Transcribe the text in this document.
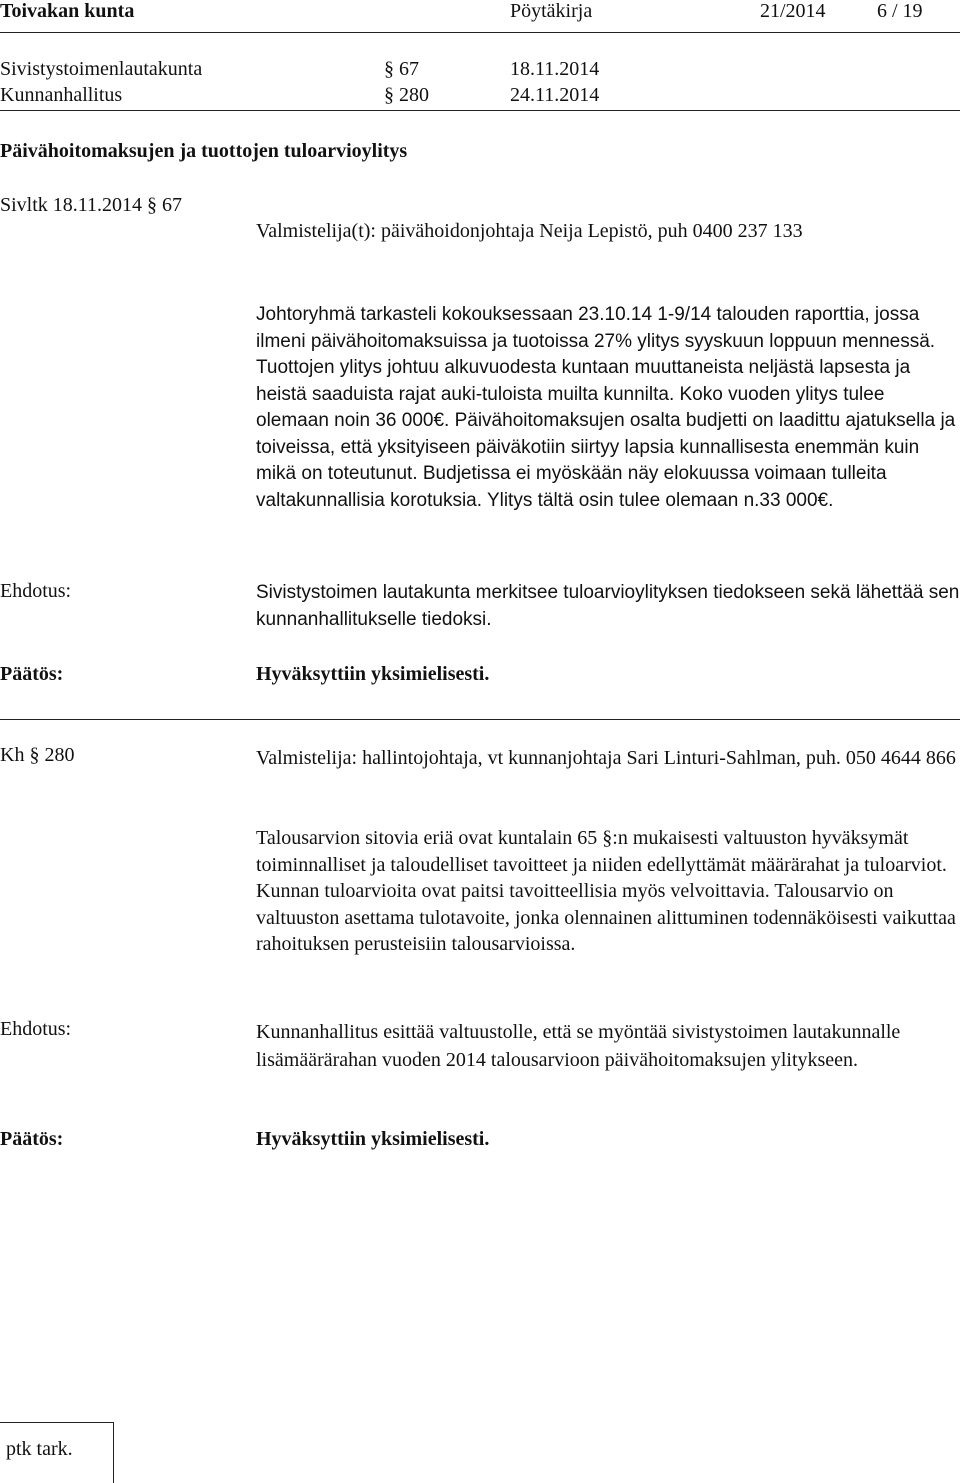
Toivakan kunta	Pöytäkirja	21/2014	6 / 19
Sivistystoimenlautakunta	§ 67	18.11.2014
Kunnanhallitus	§ 280	24.11.2014
Päivähoitomaksujen ja tuottojen tuloarvioylitys
Sivltk 18.11.2014 § 67
Valmistelija(t): päivähoidonjohtaja Neija Lepistö, puh 0400 237 133
Johtoryhmä tarkasteli kokouksessaan 23.10.14 1-9/14 talouden raporttia, jossa ilmeni päivähoitomaksuissa ja tuotoissa 27% ylitys syyskuun loppuun mennessä. Tuottojen ylitys johtuu alkuvuodesta kuntaan muuttaneista neljästä lapsesta ja heistä saaduista rajat auki-tuloista muilta kunnilta. Koko vuoden ylitys tulee olemaan noin 36 000€. Päivähoitomaksujen osalta budjetti on laadittu ajatuksella ja toiveissa, että yksityiseen päiväkotiin siirtyy lapsia kunnallisesta enemmän kuin mikä on toteutunut. Budjetissa ei myöskään näy elokuussa voimaan tulleita valtakunnallisia korotuksia. Ylitys tältä osin tulee olemaan n.33 000€.
Ehdotus:	Sivistystoimen lautakunta merkitsee tuloarvioylityksen tiedokseen sekä lähettää sen kunnanhallitukselle tiedoksi.
Päätös:	Hyväksyttiin yksimielisesti.
Kh § 280	Valmistelija: hallintojohtaja, vt kunnanjohtaja Sari Linturi-Sahlman, puh. 050 4644 866
Talousarvion sitovia eriä ovat kuntalain 65 §:n mukaisesti valtuuston hyväksymät toiminnalliset ja taloudelliset tavoitteet ja niiden edellyttämät määrärahat ja tuloarviot. Kunnan tuloarvioita ovat paitsi tavoitteellisia myös velvoittavia. Talousarvio on valtuuston asettama tulotavoite, jonka olennainen alittuminen todennäköisesti vaikuttaa rahoituksen perusteisiin talousarvioissa.
Ehdotus:	Kunnanhallitus esittää valtuustolle, että se myöntää sivistystoimen lautakunnalle lisämäärärahan vuoden 2014 talousarvioon päivähoitomaksujen ylitykseen.
Päätös:	Hyväksyttiin yksimielisesti.
ptk tark.
